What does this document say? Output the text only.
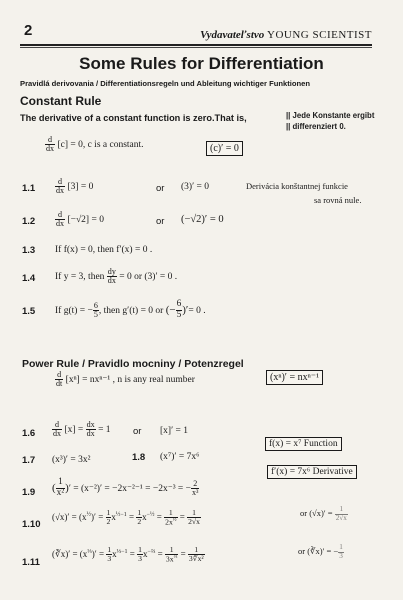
2	Vydavateľstvo YOUNG SCIENTIST
Some Rules for Differentiation
Pravidlá derivovania / Differentiationsregeln und Ableitung wichtiger Funktionen
Constant Rule
The derivative of a constant function is zero.That is,	|| Jede Konstante ergibt
|| differenziert 0.
$\frac{d}{dx} [c] = 0$, c is a constant.	(c)′ = 0
$1.1 \frac{d}{dx} [3] = 0$	or (3)′ = 0	Derivácia konštantnej funkcie
sa rovná nule.
$1.2 \frac{d}{dx} [-√2] = 0$	or (−√2)′ = 0
1.3 If f(x) = 0, then f′(x) = 0 .
1.4 If y = 3, then $\frac{dy}{dx} = 0$ or (3)′ = 0 .
1.5 If g(t) = − $\frac{6}{5}$ , then g′(t) = 0 or (− $\frac{6}{5}$ )′= 0 .
Power Rule / Pravidlo mocniny / Potenzregel
$\frac{d}{dt} [x^n] = nx^{n-1}$ , n is any real number	(xⁿ)′ = nxⁿ⁻¹
$1.6 \frac{d}{dx} [x] = \frac{dx}{dx} = 1$ or [x]′ = 1
1.7 (x³)′ = 3x²	1.8 (x⁷)′ = 7x⁶
f(x) = x⁷ Function
1.9 ( $\frac{1}{\text{x²}}$ )′ = (x⁻²)′ = −2x⁻²⁻¹ = −2x⁻³ = − $\frac{2}{\text{x³}}$
f′(x) = 7x⁶ Derivative
1.10
$(√x)' = (x^{\frac{1}{2}})' = \frac{1}{2} x^{\frac{1}{2}-1} = \frac{1}{2} x^{-\frac{1}{2}} = \frac{1}{2x^{\frac{1}{2}}} = \frac{1}{2√x}$	or $(√x)' = \frac{1}{2√x}$
1.11
(∛x)′ = $(x^{\frac{1}{3}})' = \frac{1}{3} x^{\frac{1}{3}-1} = \frac{1}{3} x^{-\frac{2}{3}} = \frac{1}{3x^{\frac{2}{3}}} = \frac{1}{\text{3∛x²}}$	or (∛x)′ = − $\frac{1}{3}$
